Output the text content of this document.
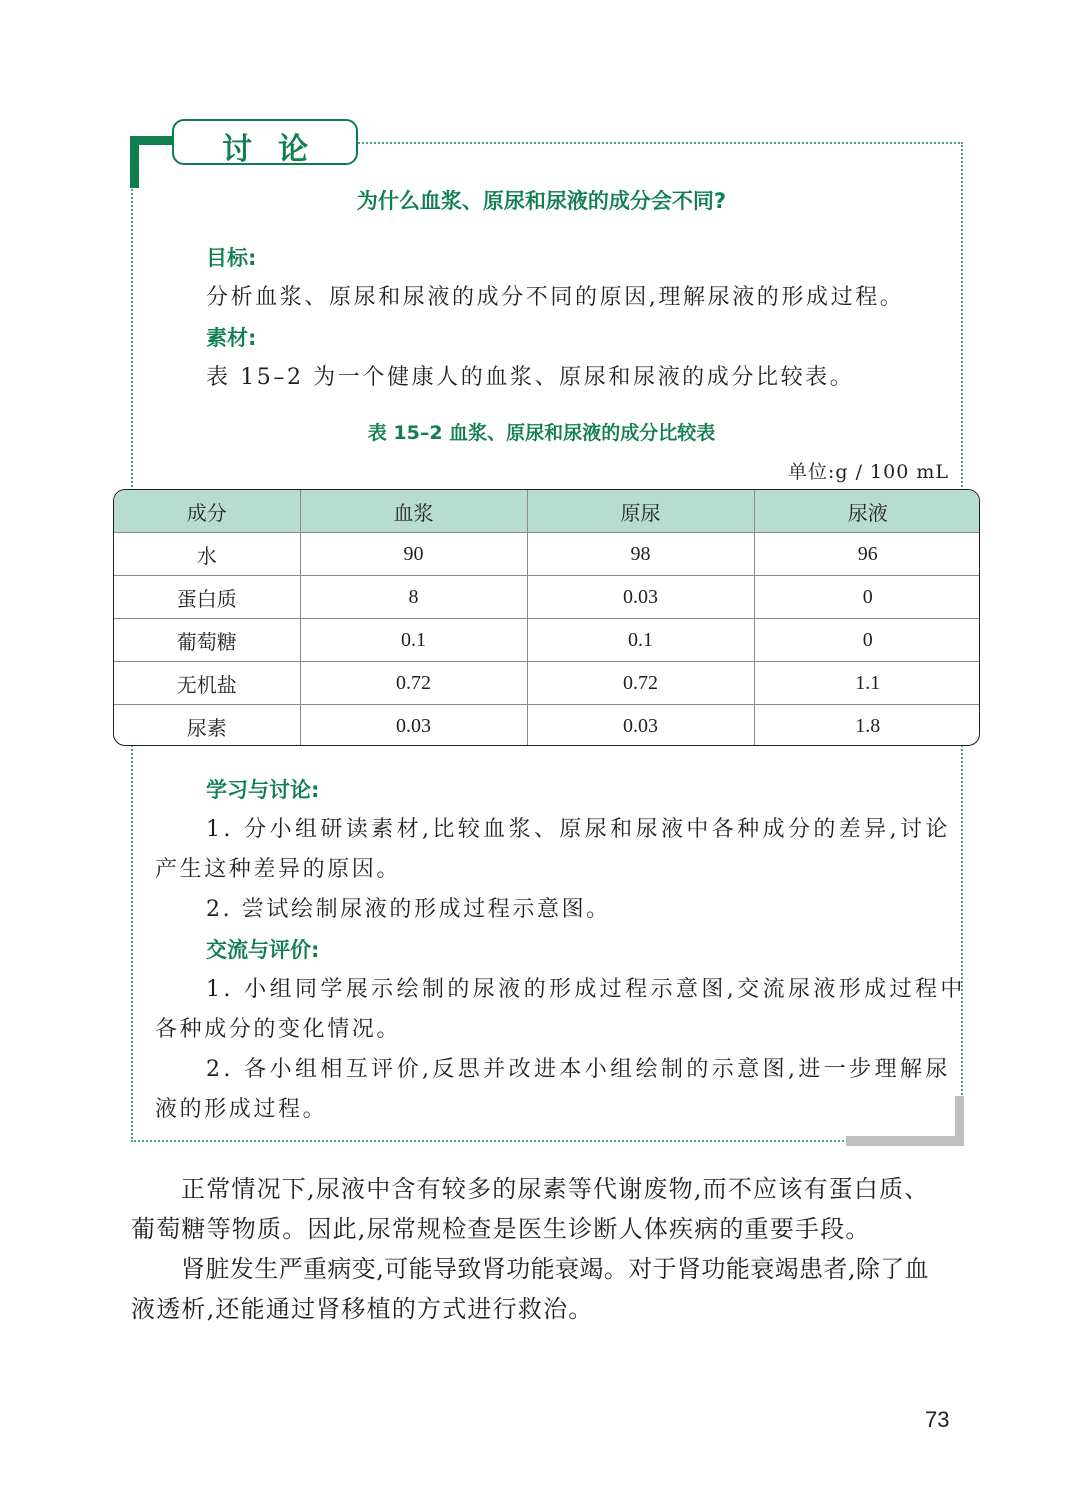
讨论
为什么血浆、原尿和尿液的成分会不同?
目标:
分析血浆、原尿和尿液的成分不同的原因,理解尿液的形成过程。
素材:
表 15–2 为一个健康人的血浆、原尿和尿液的成分比较表。
表 15–2 血浆、原尿和尿液的成分比较表
单位:g / 100 mL
成分	血浆	原尿	尿液
水	90	98	96
蛋白质	8	0.03	0
葡萄糖	0.1	0.1	0
无机盐	0.72	0.72	1.1
尿素	0.03	0.03	1.8
学习与讨论:
1. 分小组研读素材,比较血浆、原尿和尿液中各种成分的差异,讨论
产生这种差异的原因。
2. 尝试绘制尿液的形成过程示意图。
交流与评价:
1. 小组同学展示绘制的尿液的形成过程示意图,交流尿液形成过程中
各种成分的变化情况。
2. 各小组相互评价,反思并改进本小组绘制的示意图,进一步理解尿
液的形成过程。
正常情况下,尿液中含有较多的尿素等代谢废物,而不应该有蛋白质、
葡萄糖等物质。因此,尿常规检查是医生诊断人体疾病的重要手段。
肾脏发生严重病变,可能导致肾功能衰竭。对于肾功能衰竭患者,除了血
液透析,还能通过肾移植的方式进行救治。
73
